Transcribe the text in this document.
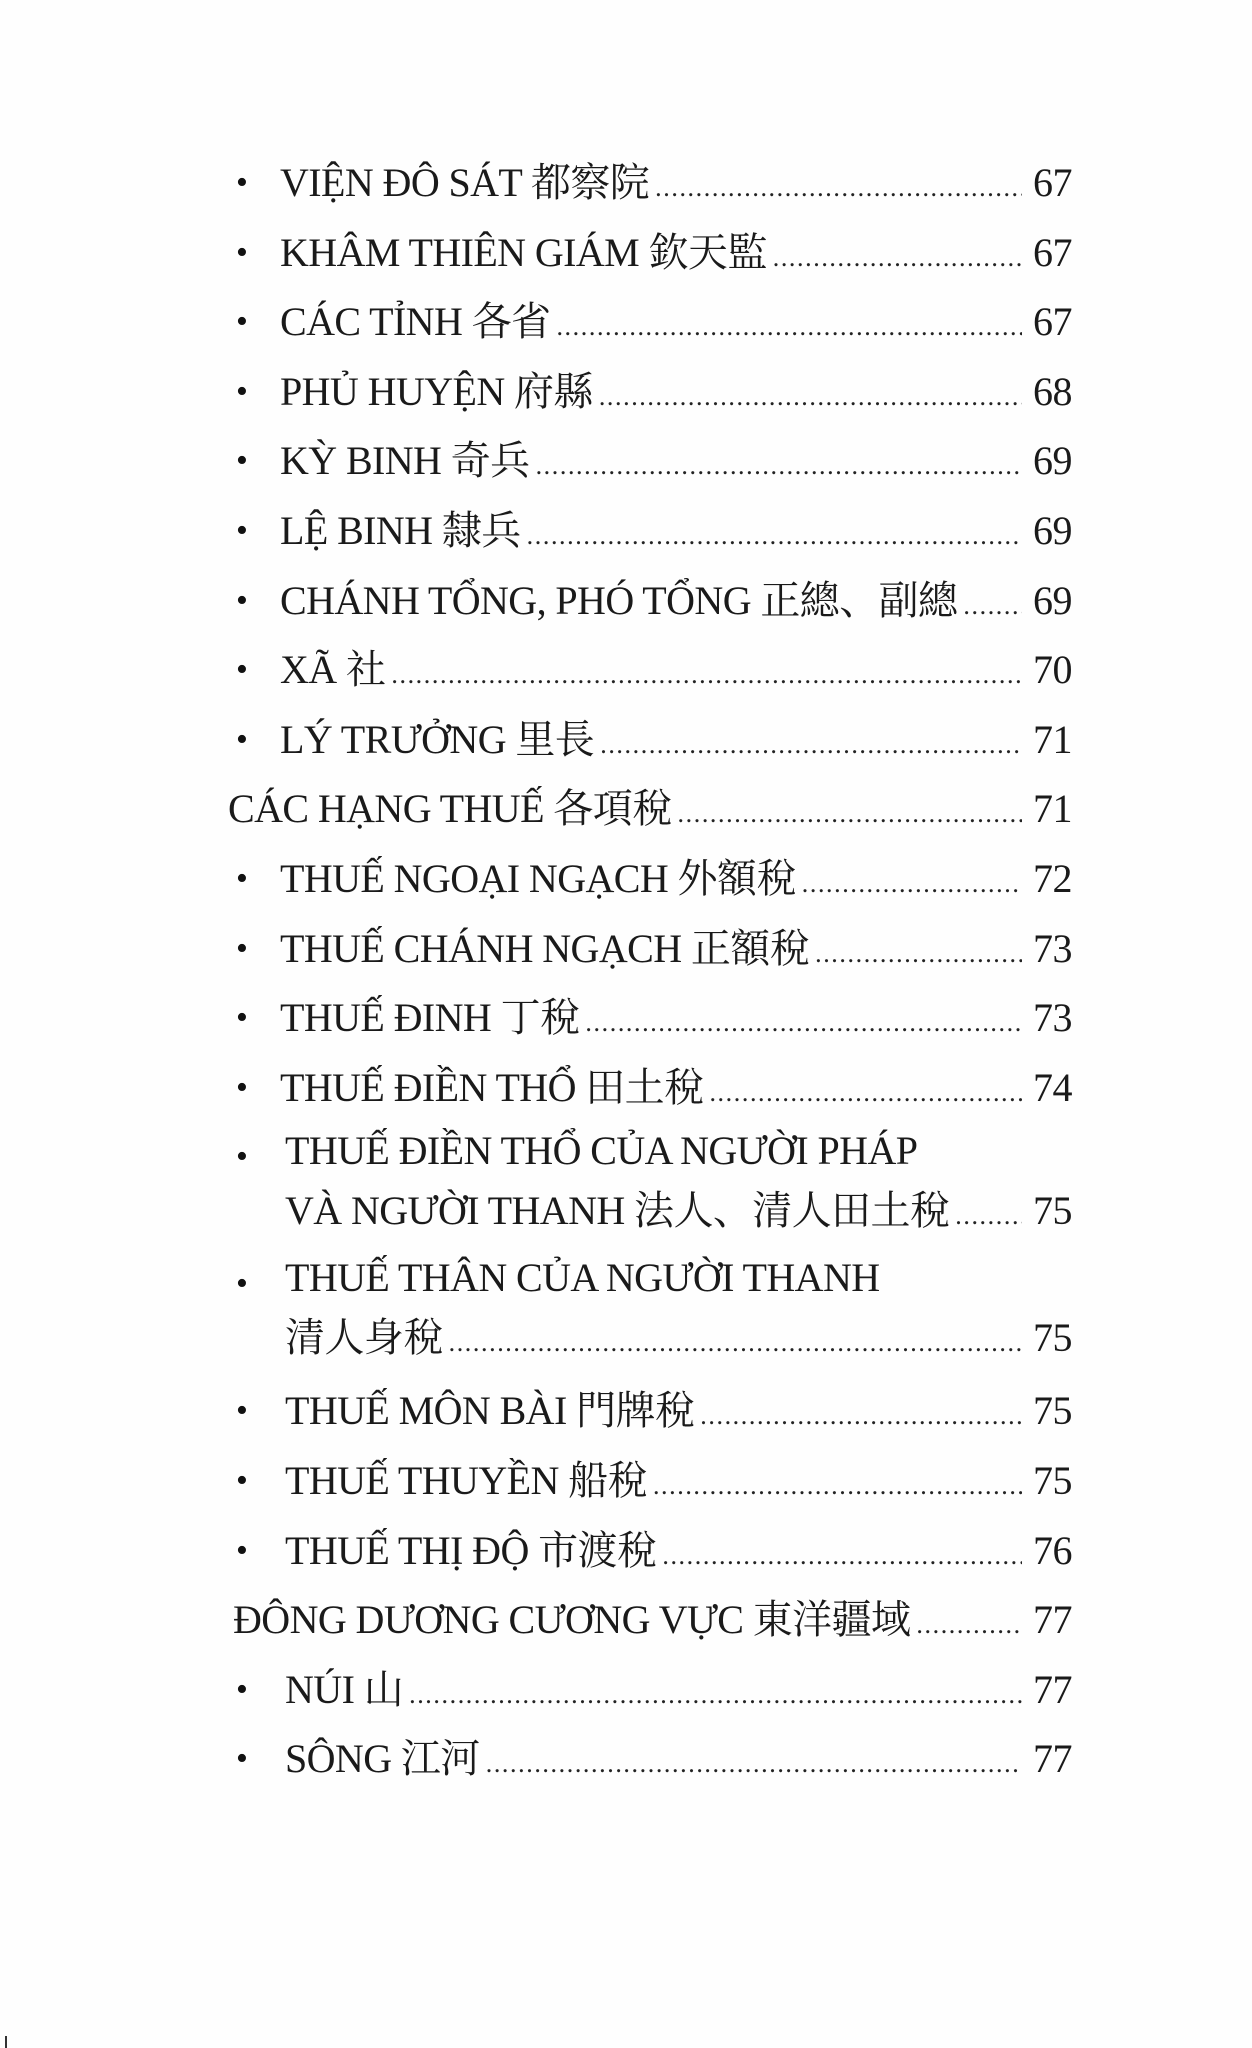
• VIỆN ĐÔ SÁT 都察院 .....	67
• KHÂM THIÊN GIÁM 欽天監 .....	67
• CÁC TỈNH 各省 .....	67
• PHỦ HUYỆN 府縣 .....	68
• KỲ BINH 奇兵 .....	69
• LỆ BINH 隸兵 .....	69
• CHÁNH TỔNG, PHÓ TỔNG 正總、副總 ..... 69
• XÃ 社 .....	70
• LÝ TRƯỞNG 里長 .....	71
CÁC HẠNG THUẾ 各項稅 .....	71
• THUẾ NGOẠI NGẠCH 外額稅 .....	72
• THUẾ CHÁNH NGẠCH 正額稅 .....	73
• THUẾ ĐINH 丁稅 .....	73
• THUẾ ĐIỀN THỔ 田土稅 .....	74
• THUẾ ĐIỀN THỔ CỦA NGƯỜI PHÁP
VÀ NGƯỜI THANH 法人、清人田土稅 ..... 75
• THUẾ THÂN CỦA NGƯỜI THANH
清人身稅 .....	75
• THUẾ MÔN BÀI 門牌稅 .....	75
• THUẾ THUYỀN 船稅 .....	75
• THUẾ THỊ ĐỘ 市渡稅 .....	76
ĐÔNG DƯƠNG CƯƠNG VỰC 東洋疆域 .....	77
• NÚI 山 .....	77
• SÔNG 江河 .....	77
